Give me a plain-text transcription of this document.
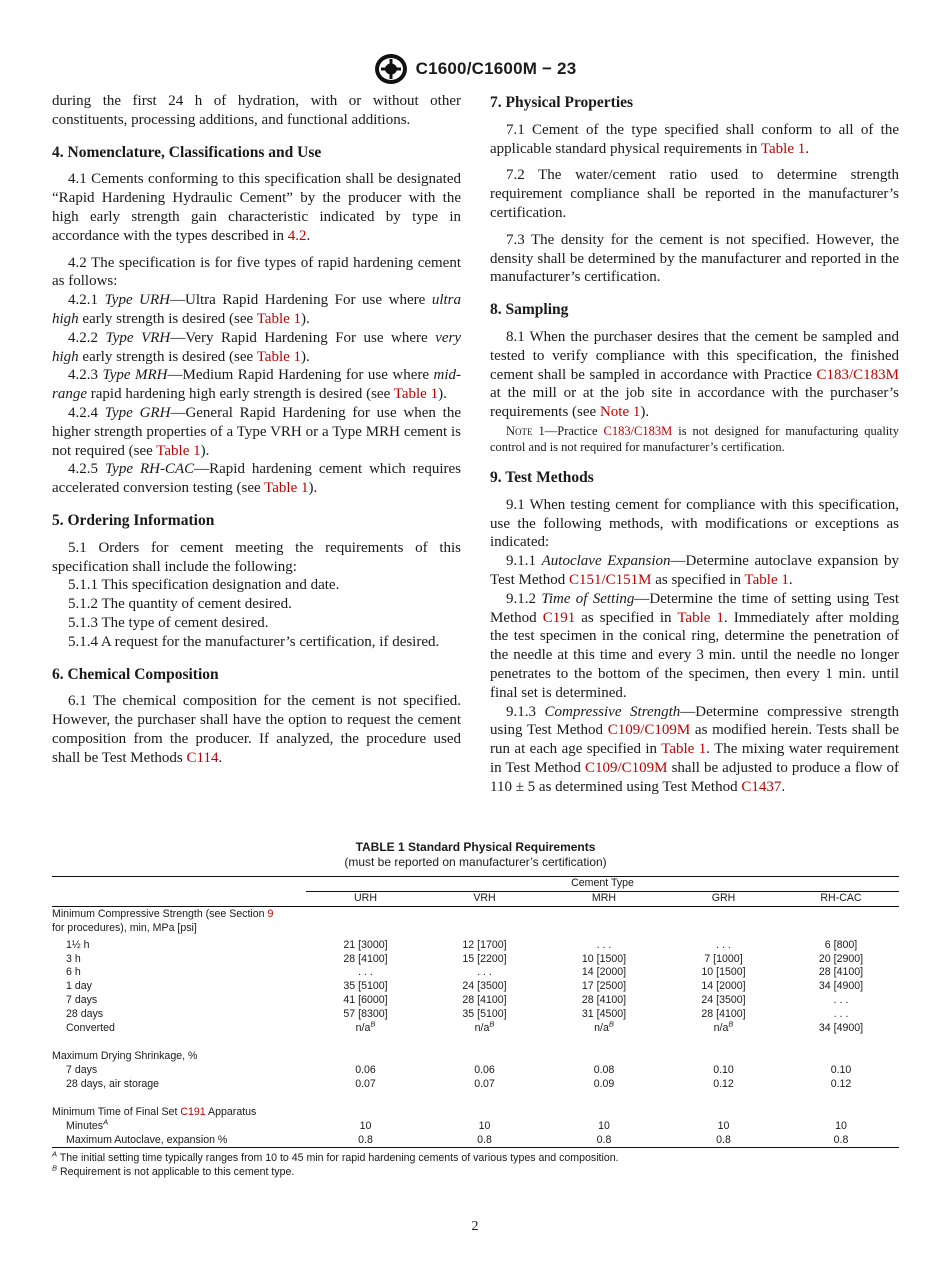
C1600/C1600M − 23

during the first 24 h of hydration, with or without other constituents, processing additions, and functional additions.

4. Nomenclature, Classifications and Use

4.1 Cements conforming to this specification shall be designated “Rapid Hardening Hydraulic Cement” by the producer with the high early strength gain characteristic indicated by type in accordance with the types described in 4.2.

4.2 The specification is for five types of rapid hardening cement as follows:

4.2.1 Type URH—Ultra Rapid Hardening For use where ultra high early strength is desired (see Table 1).

4.2.2 Type VRH—Very Rapid Hardening For use where very high early strength is desired (see Table 1).

4.2.3 Type MRH—Medium Rapid Hardening for use where mid-range rapid hardening high early strength is desired (see Table 1).

4.2.4 Type GRH—General Rapid Hardening for use when the higher strength properties of a Type VRH or a Type MRH cement is not required (see Table 1).

4.2.5 Type RH-CAC—Rapid hardening cement which requires accelerated conversion testing (see Table 1).

5. Ordering Information

5.1 Orders for cement meeting the requirements of this specification shall include the following:

5.1.1 This specification designation and date.

5.1.2 The quantity of cement desired.

5.1.3 The type of cement desired.

5.1.4 A request for the manufacturer’s certification, if desired.

6. Chemical Composition

6.1 The chemical composition for the cement is not specified. However, the purchaser shall have the option to request the cement composition from the producer. If analyzed, the procedure used shall be Test Methods C114.

7. Physical Properties

7.1 Cement of the type specified shall conform to all of the applicable standard physical requirements in Table 1.

7.2 The water/cement ratio used to determine strength requirement compliance shall be reported in the manufacturer’s certification.

7.3 The density for the cement is not specified. However, the density shall be determined by the manufacturer and reported in the manufacturer’s certification.

8. Sampling

8.1 When the purchaser desires that the cement be sampled and tested to verify compliance with this specification, the finished cement shall be sampled in accordance with Practice C183/C183M at the mill or at the job site in accordance with the purchaser’s requirements (see Note 1).

Note 1—Practice C183/C183M is not designed for manufacturing quality control and is not required for manufacturer’s certification.

9. Test Methods

9.1 When testing cement for compliance with this specification, use the following methods, with modifications or exceptions as indicated:

9.1.1 Autoclave Expansion—Determine autoclave expansion by Test Method C151/C151M as specified in Table 1.

9.1.2 Time of Setting—Determine the time of setting using Test Method C191 as specified in Table 1. Immediately after molding the test specimen in the conical ring, determine the penetration of the needle at this time and every 3 min. until the needle no longer penetrates to the bottom of the specimen, then every 1 min. until final set is determined.

9.1.3 Compressive Strength—Determine compressive strength using Test Method C109/C109M as modified herein. Tests shall be run at each age specified in Table 1. The mixing water requirement in Test Method C109/C109M shall be adjusted to produce a flow of 110 ± 5 as determined using Test Method C1437.

TABLE 1 Standard Physical Requirements
(must be reported on manufacturer’s certification)
	Cement Type				
	URH	VRH	MRH	GRH	RH-CAC
Minimum Compressive Strength (see Section 9
for procedures), min, MPa [psi]					

1½ h	21 [3000]	12 [1700]	. . .	. . .	6 [800]
3 h	28 [4100]	15 [2200]	10 [1500]	7 [1000]	20 [2900]
6 h	. . .	. . .	14 [2000]	10 [1500]	28 [4100]
1 day	35 [5100]	24 [3500]	17 [2500]	14 [2000]	34 [4900]
7 days	41 [6000]	28 [4100]	28 [4100]	24 [3500]	. . .
28 days	57 [8300]	35 [5100]	31 [4500]	28 [4100]	. . .
Converted	$n/a^B$	$n/a^B$	$n/a^B$	$n/a^B$	34 [4900]

Maximum Drying Shrinkage, %					
7 days	0.06	0.06	0.08	0.10	0.10
28 days, air storage	0.07	0.07	0.09	0.12	0.12

Minimum Time of Final Set C191 Apparatus					
Minutes$^A$	10	10	10	10	10
Maximum Autoclave, expansion %	0.8	0.8	0.8	0.8	0.8
$^A$ The initial setting time typically ranges from 10 to 45 min for rapid hardening cements of various types and composition.
$^B$ Requirement is not applicable to this cement type.
2
